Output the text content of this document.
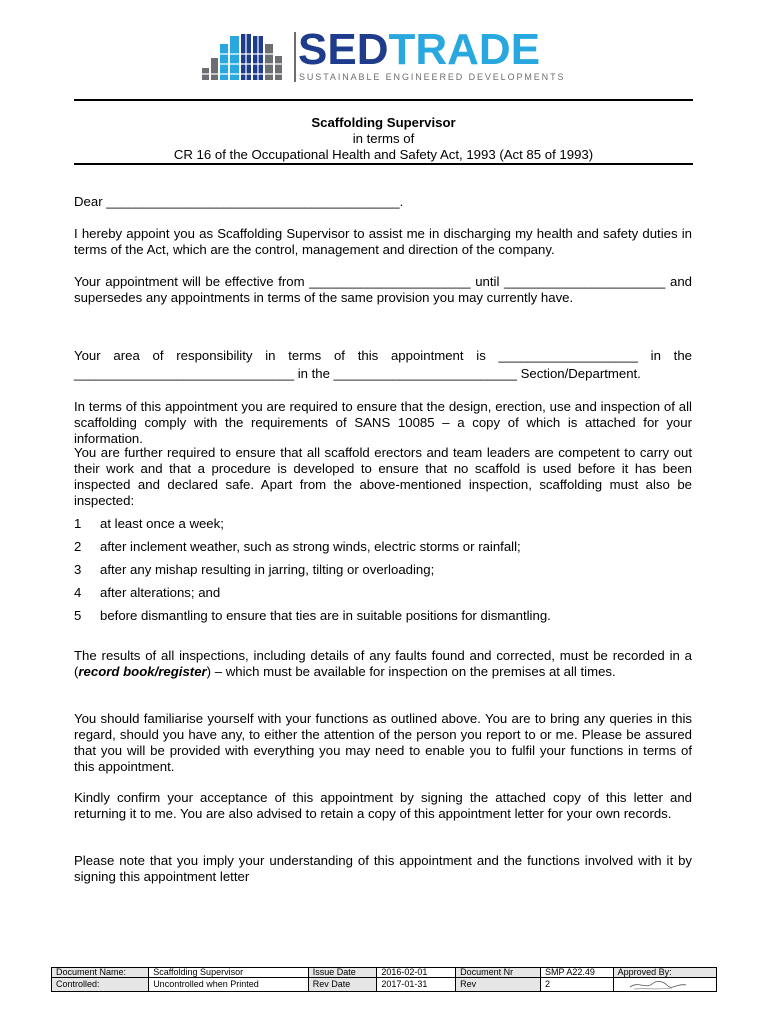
SEDTRADE
SUSTAINABLE ENGINEERED DEVELOPMENTS
Scaffolding Supervisor
in terms of
CR 16 of the Occupational Health and Safety Act, 1993 (Act 85 of 1993)
Dear ________________________________________.
I hereby appoint you as Scaffolding Supervisor to assist me in discharging my health and safety duties in terms of the Act, which are the control, management and direction of the company.
Your appointment will be effective from ______________________ until ______________________ and supersedes any appointments in terms of the same provision you may currently have.
Your area of responsibility in terms of this appointment is ___________________ in the ______________________________ in the _________________________ Section/Department.
In terms of this appointment you are required to ensure that the design, erection, use and inspection of all scaffolding comply with the requirements of SANS 10085 – a copy of which is attached for your information.
You are further required to ensure that all scaffold erectors and team leaders are competent to carry out their work and that a procedure is developed to ensure that no scaffold is used before it has been inspected and declared safe. Apart from the above-mentioned inspection, scaffolding must also be inspected:
1 at least once a week;
2 after inclement weather, such as strong winds, electric storms or rainfall;
3 after any mishap resulting in jarring, tilting or overloading;
4 after alterations; and
5 before dismantling to ensure that ties are in suitable positions for dismantling.
The results of all inspections, including details of any faults found and corrected, must be recorded in a (record book/register) – which must be available for inspection on the premises at all times.
You should familiarise yourself with your functions as outlined above. You are to bring any queries in this regard, should you have any, to either the attention of the person you report to or me. Please be assured that you will be provided with everything you may need to enable you to fulfil your functions in terms of this appointment.
Kindly confirm your acceptance of this appointment by signing the attached copy of this letter and returning it to me. You are also advised to retain a copy of this appointment letter for your own records.
Please note that you imply your understanding of this appointment and the functions involved with it by signing this appointment letter
Document Name:	Scaffolding Supervisor	Issue Date	2016-02-01	Document Nr	SMP A22.49	Approved By:
Controlled:	Uncontrolled when Printed	Rev Date	2017-01-31	Rev	2	
